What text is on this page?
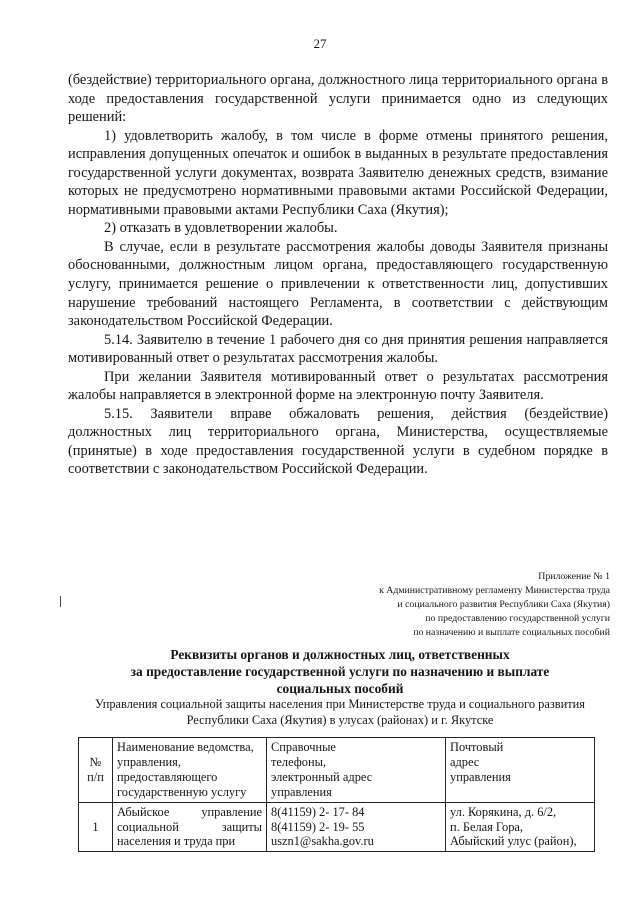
27

(бездействие) территориального органа, должностного лица территориального органа в ходе предоставления государственной услуги принимается одно из следующих решений:

1) удовлетворить жалобу, в том числе в форме отмены принятого решения, исправления допущенных опечаток и ошибок в выданных в результате предоставления государственной услуги документах, возврата Заявителю денежных средств, взимание которых не предусмотрено нормативными правовыми актами Российской Федерации, нормативными правовыми актами Республики Саха (Якутия);

2) отказать в удовлетворении жалобы.

В случае, если в результате рассмотрения жалобы доводы Заявителя признаны обоснованными, должностным лицом органа, предоставляющего государственную услугу, принимается решение о привлечении к ответственности лиц, допустивших нарушение требований настоящего Регламента, в соответствии с действующим законодательством Российской Федерации.

5.14. Заявителю в течение 1 рабочего дня со дня принятия решения направляется мотивированный ответ о результатах рассмотрения жалобы.

При желании Заявителя мотивированный ответ о результатах рассмотрения жалобы направляется в электронной форме на электронную почту Заявителя.

5.15. Заявители вправе обжаловать решения, действия (бездействие) должностных лиц территориального органа, Министерства, осуществляемые (принятые) в ходе предоставления государственной услуги в судебном порядке в соответствии с законодательством Российской Федерации.

Приложение № 1
к Административному регламенту Министерства труда
и социального развития Республики Саха (Якутия)
по предоставлению государственной услуги
по назначению и выплате социальных пособий
Реквизиты органов и должностных лиц, ответственных
за предоставление государственной услуги по назначению и выплате
социальных пособий
Управления социальной защиты населения при Министерстве труда и социального развития
Республики Саха (Якутия) в улусах (районах) и г. Якутске
№
п/п	Наименование ведомства,
управления,
предоставляющего
государственную услугу	Справочные
телефоны,
электронный адрес
управления	Почтовый
адрес
управления

1	Абыйское управление социальной защиты населения и труда при	8(41159) 2- 17- 84
8(41159) 2- 19- 55
uszn1@sakha.gov.ru	ул. Корякина, д. 6/2,
п. Белая Гора,
Абыйский улус (район),
